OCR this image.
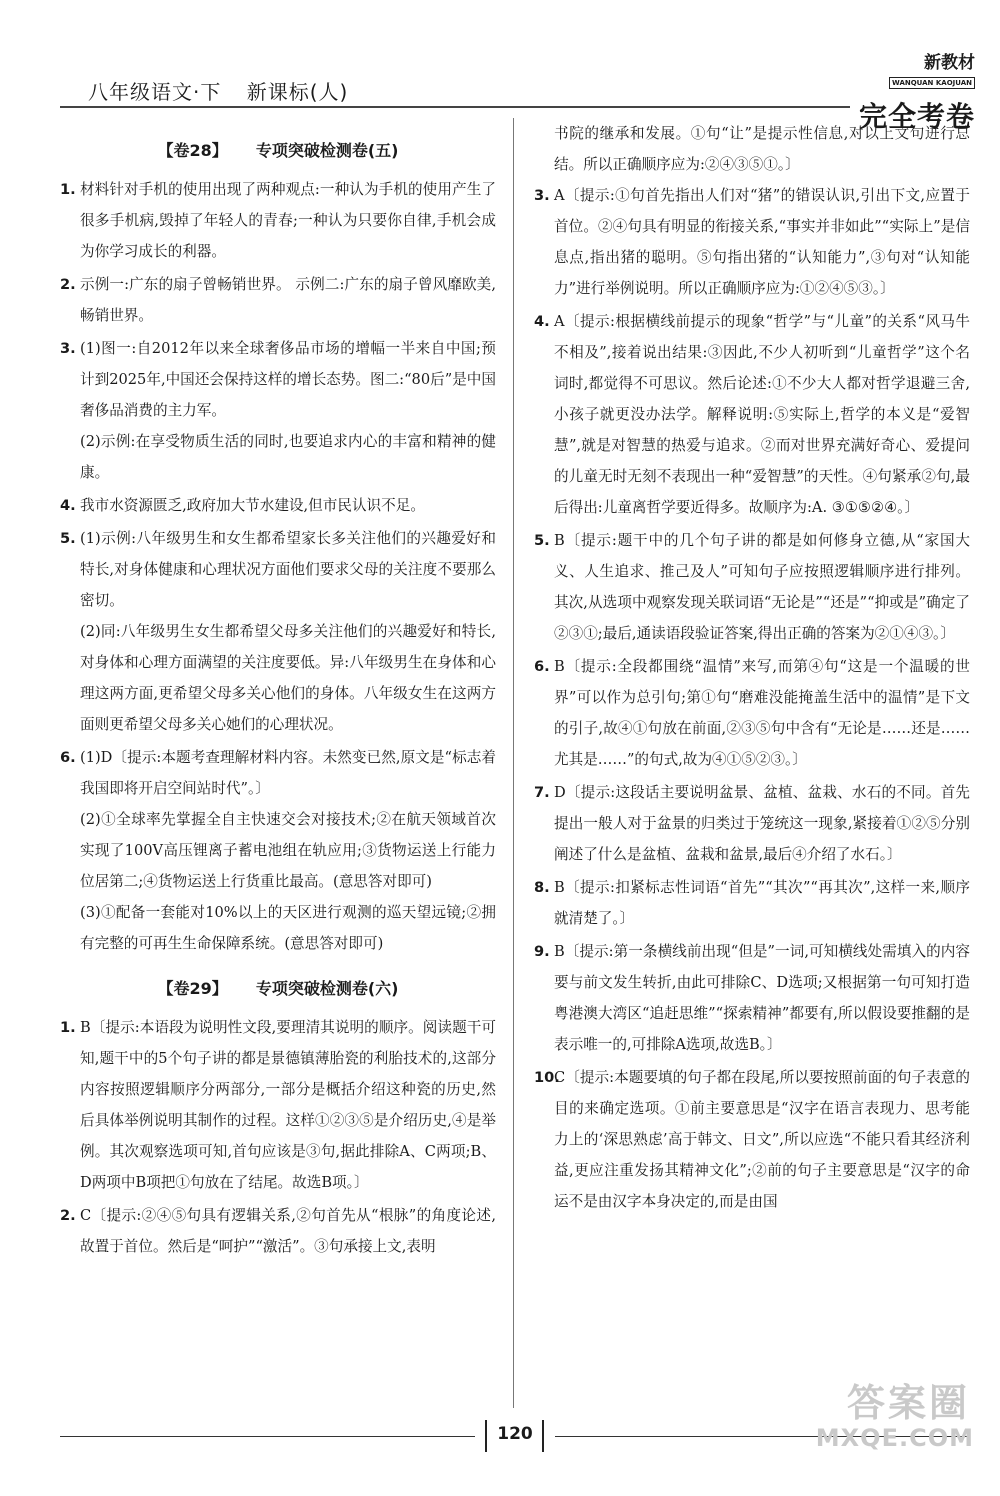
八年级语文·下 新课标(人)
新教材WANQUAN KAOJUAN
完全考卷
【卷28】 专项突破检测卷(五)
1. 材料针对手机的使用出现了两种观点:一种认为手机的使用产生了很多手机病,毁掉了年轻人的青春;一种认为只要你自律,手机会成为你学习成长的利器。

2. 示例一:广东的扇子曾畅销世界。 示例二:广东的扇子曾风靡欧美,畅销世界。

3. (1)图一:自2012年以来全球奢侈品市场的增幅一半来自中国;预计到2025年,中国还会保持这样的增长态势。图二:“80后”是中国奢侈品消费的主力军。

(2)示例:在享受物质生活的同时,也要追求内心的丰富和精神的健康。

4. 我市水资源匮乏,政府加大节水建设,但市民认识不足。

5. (1)示例:八年级男生和女生都希望家长多关注他们的兴趣爱好和特长,对身体健康和心理状况方面他们要求父母的关注度不要那么密切。

(2)同:八年级男生女生都希望父母多关注他们的兴趣爱好和特长,对身体和心理方面满望的关注度要低。异:八年级男生在身体和心理这两方面,更希望父母多关心他们的身体。八年级女生在这两方面则更希望父母多关心她们的心理状况。

6. (1)D〔提示:本题考查理解材料内容。未然变已然,原文是“标志着我国即将开启空间站时代”。〕

(2)①全球率先掌握全自主快速交会对接技术;②在航天领域首次实现了100V高压锂离子蓄电池组在轨应用;③货物运送上行能力位居第二;④货物运送上行货重比最高。(意思答对即可)

(3)①配备一套能对10%以上的天区进行观测的巡天望远镜;②拥有完整的可再生生命保障系统。(意思答对即可)

【卷29】 专项突破检测卷(六)
1. B〔提示:本语段为说明性文段,要理清其说明的顺序。阅读题干可知,题干中的5个句子讲的都是景德镇薄胎瓷的利胎技术的,这部分内容按照逻辑顺序分两部分,一部分是概括介绍这种瓷的历史,然后具体举例说明其制作的过程。这样①②③⑤是介绍历史,④是举例。其次观察选项可知,首句应该是③句,据此排除A、C两项;B、D两项中B项把①句放在了结尾。故选B项。〕

2. C〔提示:②④⑤句具有逻辑关系,②句首先从“根脉”的角度论述,故置于首位。然后是“呵护”“激活”。③句承接上文,表明

书院的继承和发展。①句“让”是提示性信息,对以上文句进行总结。所以正确顺序应为:②④③⑤①。〕

3. A〔提示:①句首先指出人们对“猪”的错误认识,引出下文,应置于首位。②④句具有明显的衔接关系,“事实并非如此”“实际上”是信息点,指出猪的聪明。⑤句指出猪的“认知能力”,③句对“认知能力”进行举例说明。所以正确顺序应为:①②④⑤③。〕

4. A〔提示:根据横线前提示的现象“哲学”与“儿童”的关系“风马牛不相及”,接着说出结果:③因此,不少人初听到“儿童哲学”这个名词时,都觉得不可思议。然后论述:①不少大人都对哲学退避三舍,小孩子就更没办法学。解释说明:⑤实际上,哲学的本义是“爱智慧”,就是对智慧的热爱与追求。②而对世界充满好奇心、爱提问的儿童无时无刻不表现出一种“爱智慧”的天性。④句紧承②句,最后得出:儿童离哲学要近得多。故顺序为:A. ③①⑤②④。〕

5. B〔提示:题干中的几个句子讲的都是如何修身立德,从“家国大义、人生追求、推己及人”可知句子应按照逻辑顺序进行排列。其次,从选项中观察发现关联词语“无论是”“还是”“抑或是”确定了②③①;最后,通读语段验证答案,得出正确的答案为②①④③。〕

6. B〔提示:全段都围绕“温情”来写,而第④句“这是一个温暖的世界”可以作为总引句;第①句“磨难没能掩盖生活中的温情”是下文的引子,故④①句放在前面,②③⑤句中含有“无论是……还是……尤其是……”的句式,故为④①⑤②③。〕

7. D〔提示:这段话主要说明盆景、盆植、盆栽、水石的不同。首先提出一般人对于盆景的归类过于笼统这一现象,紧接着①②⑤分别阐述了什么是盆植、盆栽和盆景,最后④介绍了水石。〕

8. B〔提示:扣紧标志性词语“首先”“其次”“再其次”,这样一来,顺序就清楚了。〕

9. B〔提示:第一条横线前出现“但是”一词,可知横线处需填入的内容要与前文发生转折,由此可排除C、D选项;又根据第一句可知打造粤港澳大湾区“追赶思维”“探索精神”都要有,所以假设要推翻的是表示唯一的,可排除A选项,故选B。〕

10.

C〔提示:本题要填的句子都在段尾,所以要按照前面的句子表意的目的来确定选项。①前主要意思是“汉字在语言表现力、思考能力上的‘深思熟虑’高于韩文、日文”,所以应选“不能只看其经济利益,更应注重发扬其精神文化”;②前的句子主要意思是“汉字的命运不是由汉字本身决定的,而是由国

120
答案圈
MXQE.COM
